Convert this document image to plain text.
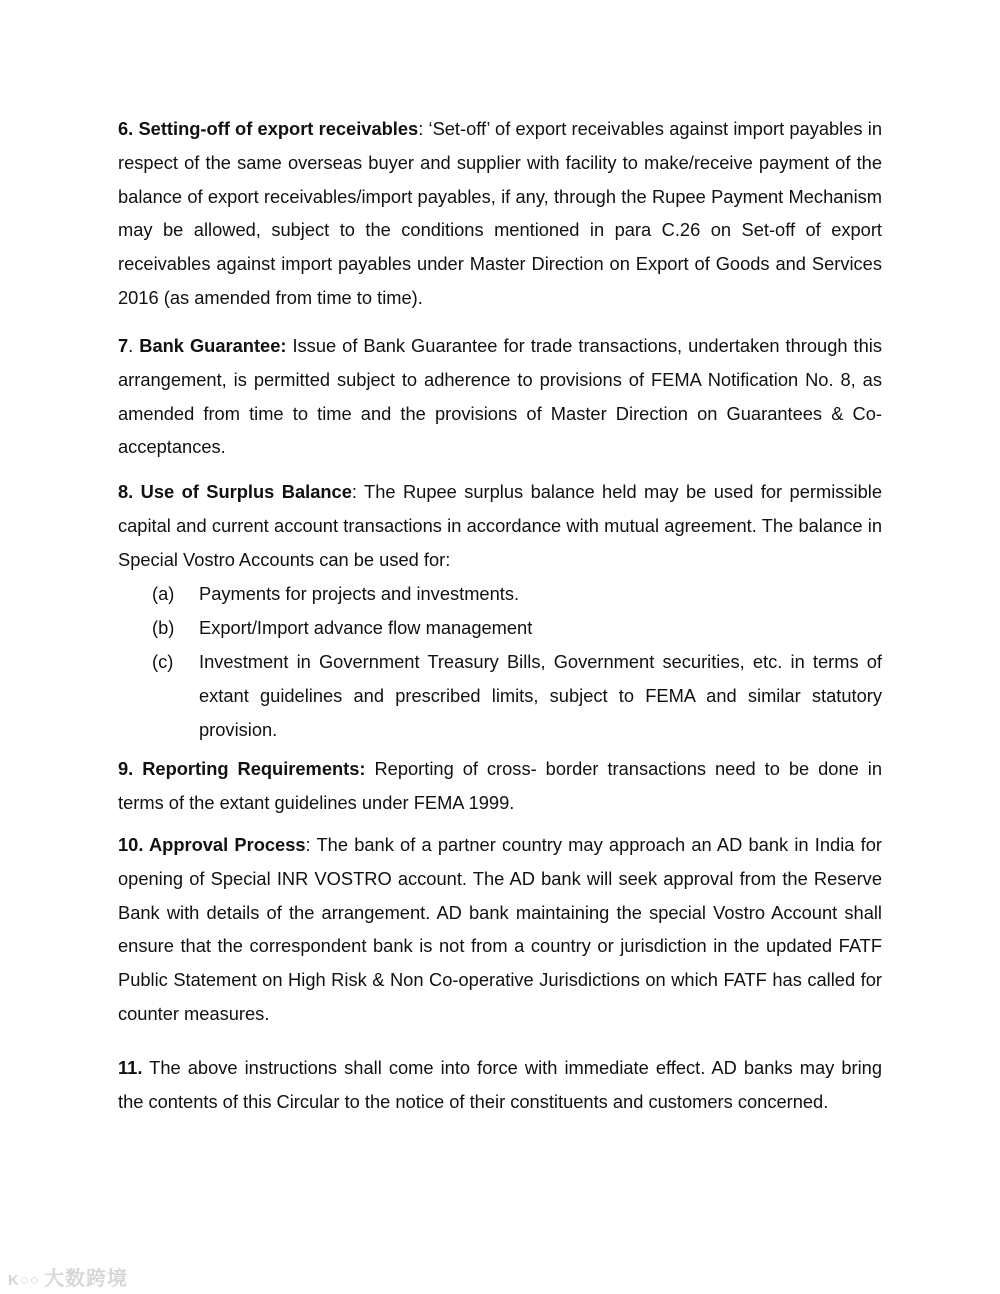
6. Setting-off of export receivables: ‘Set-off’ of export receivables against import payables in respect of the same overseas buyer and supplier with facility to make/receive payment of the balance of export receivables/import payables, if any, through the Rupee Payment Mechanism may be allowed, subject to the conditions mentioned in para C.26 on Set-off of export receivables against import payables under Master Direction on Export of Goods and Services 2016 (as amended from time to time).
7. Bank Guarantee: Issue of Bank Guarantee for trade transactions, undertaken through this arrangement, is permitted subject to adherence to provisions of FEMA Notification No. 8, as amended from time to time and the provisions of Master Direction on Guarantees & Co-acceptances.
8. Use of Surplus Balance: The Rupee surplus balance held may be used for permissible capital and current account transactions in accordance with mutual agreement. The balance in Special Vostro Accounts can be used for:
(a) Payments for projects and investments.
(b) Export/Import advance flow management
(c) Investment in Government Treasury Bills, Government securities, etc. in terms of extant guidelines and prescribed limits, subject to FEMA and similar statutory provision.
9. Reporting Requirements: Reporting of cross- border transactions need to be done in terms of the extant guidelines under FEMA 1999.
10. Approval Process: The bank of a partner country may approach an AD bank in India for opening of Special INR VOSTRO account. The AD bank will seek approval from the Reserve Bank with details of the arrangement. AD bank maintaining the special Vostro Account shall ensure that the correspondent bank is not from a country or jurisdiction in the updated FATF Public Statement on High Risk & Non Co-operative Jurisdictions on which FATF has called for counter measures.
11. The above instructions shall come into force with immediate effect. AD banks may bring the contents of this Circular to the notice of their constituents and customers concerned.
K○○ 大数跨境
